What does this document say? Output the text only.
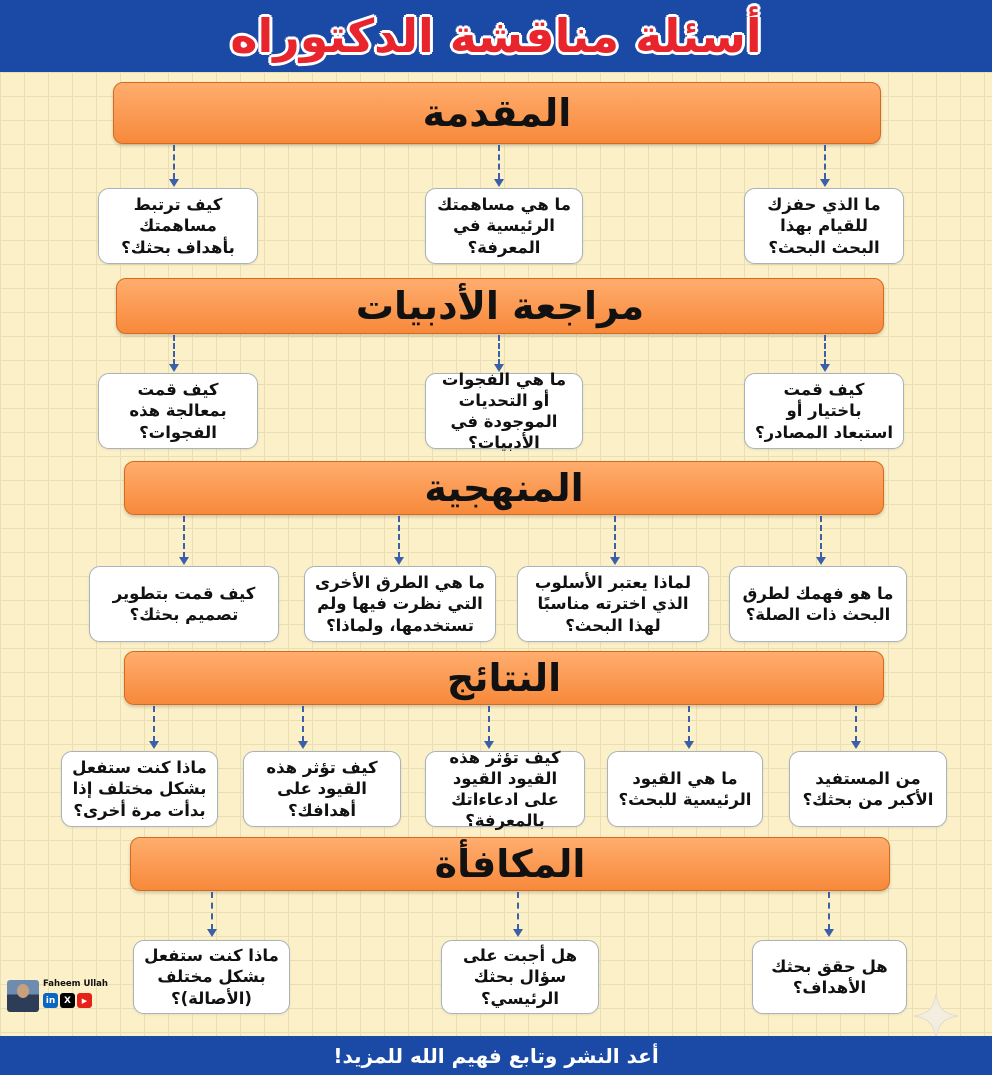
أسئلة مناقشة الدكتوراه
المقدمة
ما الذي حفزك للقيام بهذا البحث البحث؟
ما هي مساهمتك الرئيسية في المعرفة؟
كيف ترتبط مساهمتك بأهداف بحثك؟
مراجعة الأدبيات
كيف قمت باختيار أو استبعاد المصادر؟
ما هي الفجوات أو التحديات الموجودة في الأدبيات؟
كيف قمت بمعالجة هذه الفجوات؟
المنهجية
ما هو فهمك لطرق البحث ذات الصلة؟
لماذا يعتبر الأسلوب الذي اخترته مناسبًا لهذا البحث؟
ما هي الطرق الأخرى التي نظرت فيها ولم تستخدمها، ولماذا؟
كيف قمت بتطوير تصميم بحثك؟
النتائج
من المستفيد الأكبر من بحثك؟
ما هي القيود الرئيسية للبحث؟
كيف تؤثر هذه القيود القيود على ادعاءاتك بالمعرفة؟
كيف تؤثر هذه القيود على أهدافك؟
ماذا كنت ستفعل بشكل مختلف إذا بدأت مرة أخرى؟
المكافأة
هل حقق بحثك الأهداف؟
هل أجبت على سؤال بحثك الرئيسي؟
ماذا كنت ستفعل بشكل مختلف (الأصالة)؟
Faheem Ullah
in X	▶
أعد النشر وتابع فهيم الله للمزيد!
